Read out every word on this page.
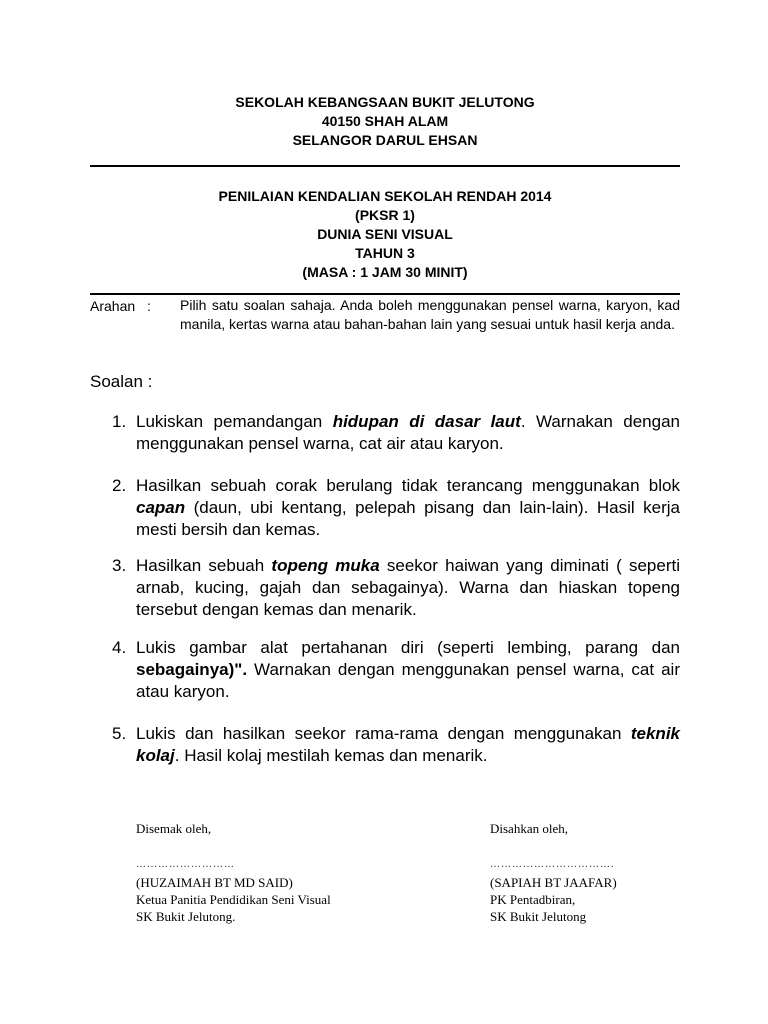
SEKOLAH KEBANGSAAN BUKIT JELUTONG
40150 SHAH ALAM
SELANGOR DARUL EHSAN
PENILAIAN KENDALIAN SEKOLAH RENDAH 2014
(PKSR 1)
DUNIA SENI VISUAL
TAHUN 3
(MASA : 1 JAM 30 MINIT)
Arahan : Pilih satu soalan sahaja. Anda boleh menggunakan pensel warna, karyon, kad manila, kertas warna atau bahan-bahan lain yang sesuai untuk hasil kerja anda.
Soalan :
1. Lukiskan pemandangan hidupan di dasar laut. Warnakan dengan menggunakan pensel warna, cat air atau karyon.
2. Hasilkan sebuah corak berulang tidak terancang menggunakan blok capan (daun, ubi kentang, pelepah pisang dan lain-lain). Hasil kerja mesti bersih dan kemas.
3. Hasilkan sebuah topeng muka seekor haiwan yang diminati ( seperti arnab, kucing, gajah dan sebagainya). Warna dan hiaskan topeng tersebut dengan kemas dan menarik.
4. Lukis gambar alat pertahanan diri (seperti lembing, parang dan sebagainya)". Warnakan dengan menggunakan pensel warna, cat air atau karyon.
5. Lukis dan hasilkan seekor rama-rama dengan menggunakan teknik kolaj. Hasil kolaj mestilah kemas dan menarik.
Disemak oleh,
………………………
(HUZAIMAH BT MD SAID)
Ketua Panitia Pendidikan Seni Visual
SK Bukit Jelutong.
Disahkan oleh,
…………………………….
(SAPIAH BT JAAFAR)
PK Pentadbiran,
SK Bukit Jelutong
